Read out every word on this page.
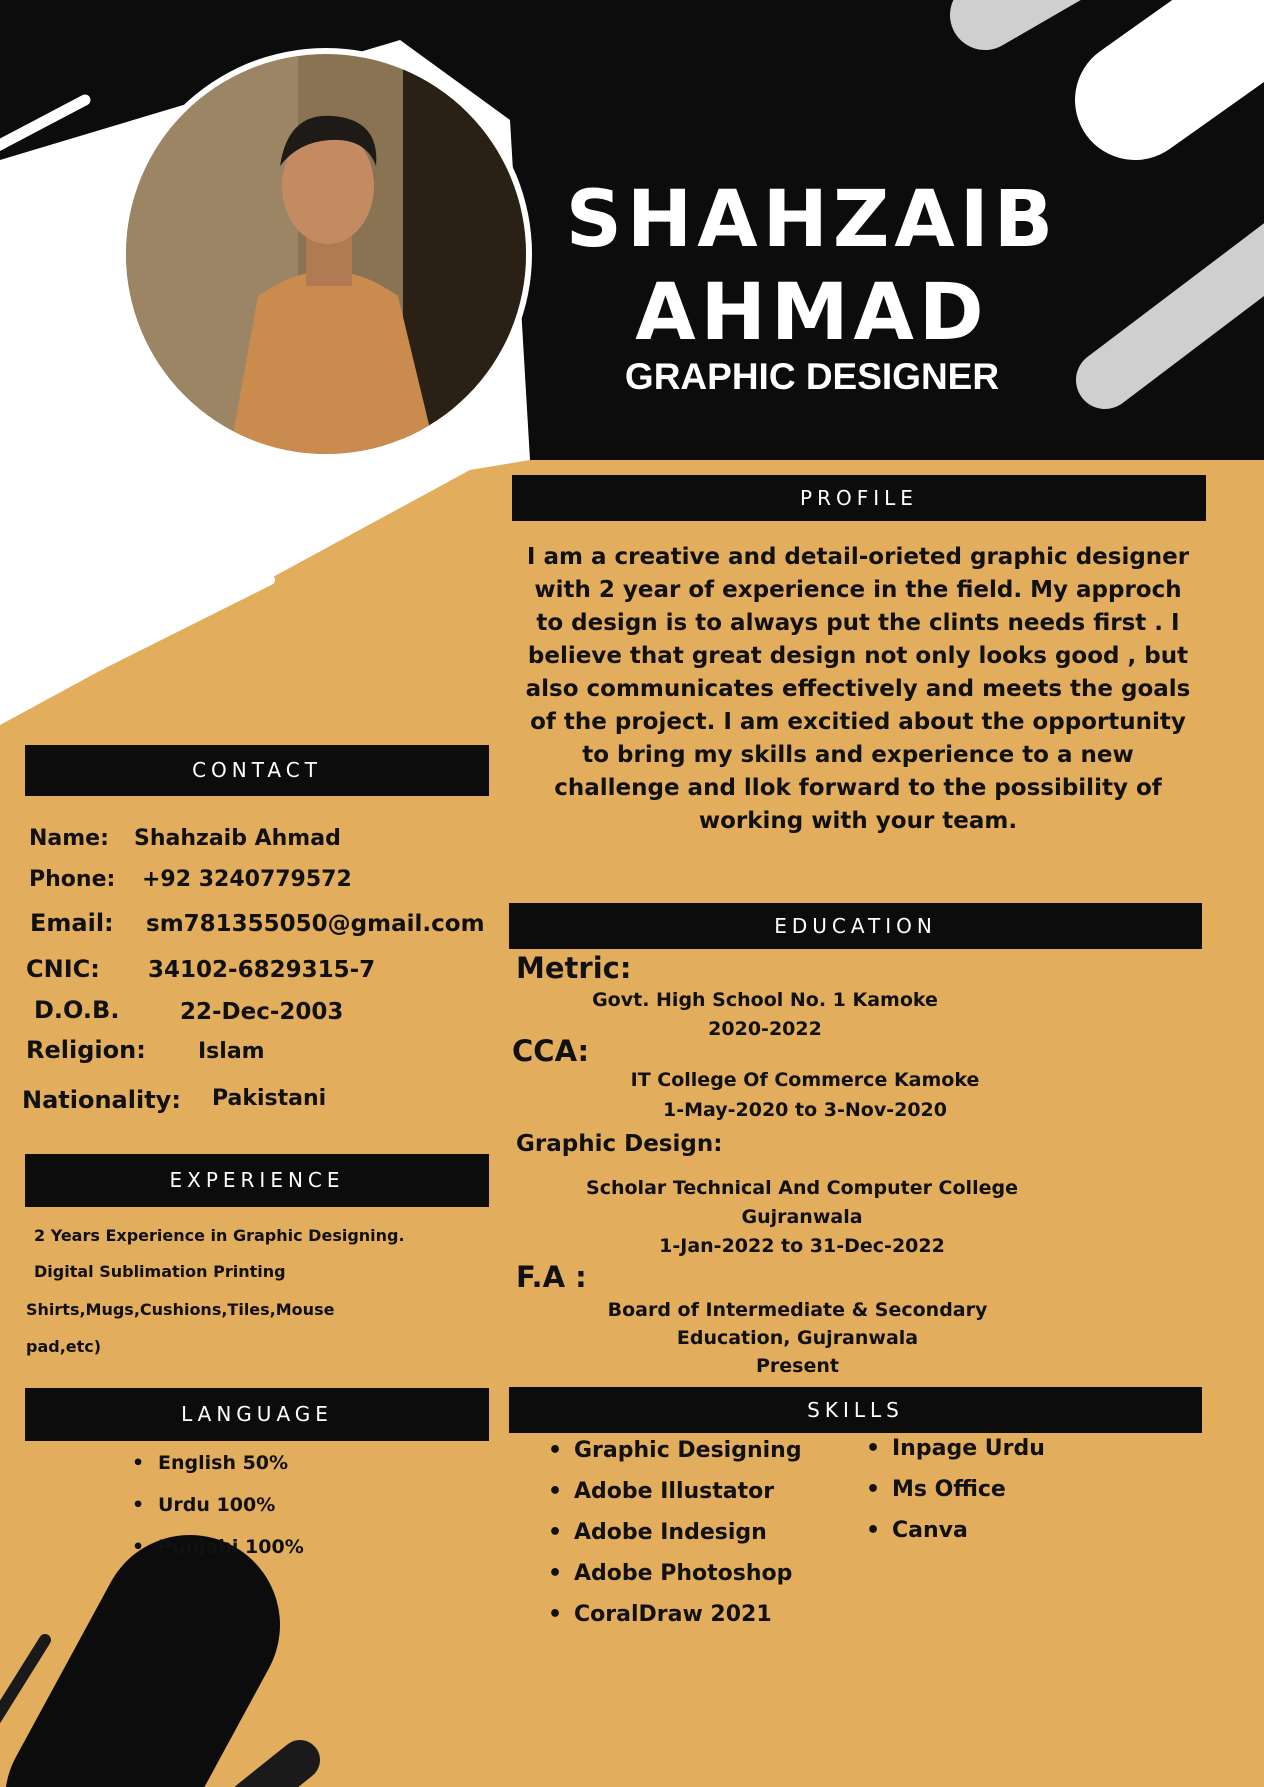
SHAHZAIB
AHMAD
GRAPHIC DESIGNER
PROFILE
I am a creative and detail-orieted graphic designer with 2 year of experience in the field. My approch to design is to always put the clints needs first . I believe that great design not only looks good , but also communicates effectively and meets the goals of the project. I am excitied about the opportunity to bring my skills and experience to a new challenge and llok forward to the possibility of working with your team.
CONTACT
Name: Shahzaib Ahmad
Phone: +92 3240779572
Email: sm781355050@gmail.com
CNIC: 34102-6829315-7
D.O.B.	22-Dec-2003
Religion: Islam
Nationality: Pakistani
EXPERIENCE
2 Years Experience in Graphic Designing.
Digital Sublimation Printing
Shirts,Mugs,Cushions,Tiles,Mouse
pad,etc)
LANGUAGE
• English 50%
• Urdu 100%
• Punjabi 100%
EDUCATION
Metric:
Govt. High School No. 1 Kamoke
2020-2022
CCA:
IT College Of Commerce Kamoke
1-May-2020 to 3-Nov-2020
Graphic Design:
Scholar Technical And Computer College
Gujranwala
1-Jan-2022 to 31-Dec-2022
F.A :
Board of Intermediate & Secondary
Education, Gujranwala
Present
SKILLS
• Graphic Designing
• Adobe Illustator
• Adobe Indesign
• Adobe Photoshop
• CoralDraw 2021
• Inpage Urdu
• Ms Office
• Canva
